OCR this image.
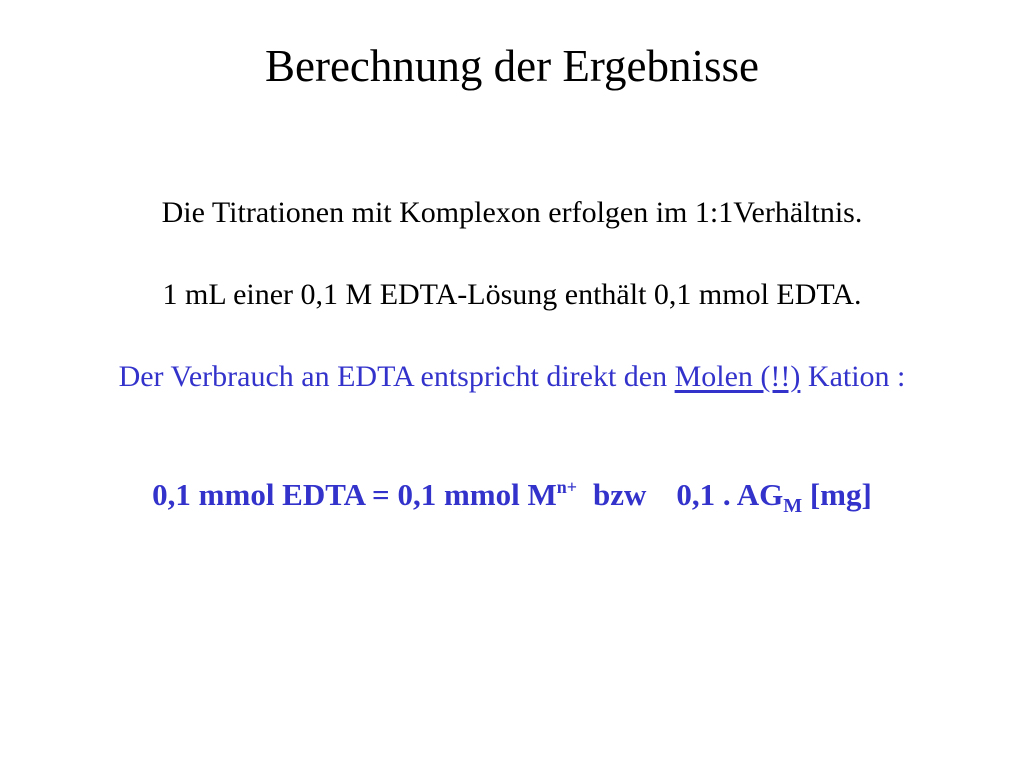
Berechnung der Ergebnisse
Die Titrationen mit Komplexon erfolgen im 1:1Verhältnis.
1 mL einer 0,1 M EDTA-Lösung enthält 0,1 mmol EDTA.
Der Verbrauch an EDTA entspricht direkt den Molen (!!) Kation :
0,1 mmol EDTA = 0,1 mmol $M^{n+}$ bzw 0,1 . $AG_M$ [mg]
